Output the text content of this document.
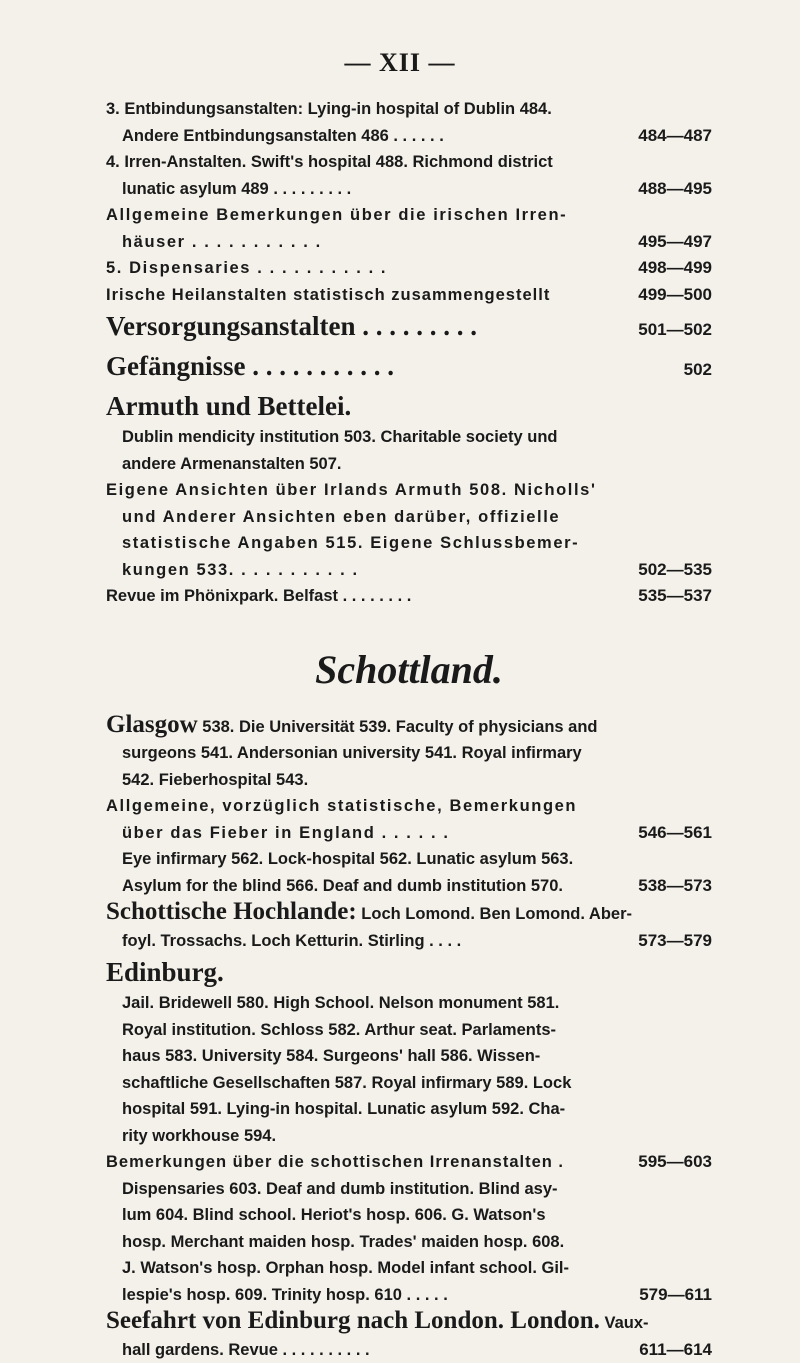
— XII —
3. Entbindungsanstalten: Lying-in hospital of Dublin 484.
Andere Entbindungsanstalten 486 . . . . . .	484—487
4. Irren-Anstalten. Swift's hospital 488. Richmond district
lunatic asylum 489 . . . . . . . . .	488—495
Allgemeine Bemerkungen über die irischen Irren-
häuser . . . . . . . . . . .	495—497
5. Dispensaries . . . . . . . . . . .	498—499
Irische Heilanstalten statistisch zusammengestellt	499—500
Versorgungsanstalten . . . . . . . . .	501—502
Gefängnisse . . . . . . . . . . .	502
Armuth und Bettelei.
Dublin mendicity institution 503. Charitable society und
andere Armenanstalten 507.
Eigene Ansichten über Irlands Armuth 508. Nicholls'
und Anderer Ansichten eben darüber, offizielle
statistische Angaben 515. Eigene Schlussbemer-
kungen 533. . . . . . . . . . .	502—535
Revue im Phönixpark. Belfast . . . . . . . .	535—537
Schottland.
Glasgow 538. Die Universität 539. Faculty of physicians and
surgeons 541. Andersonian university 541. Royal infirmary
542. Fieberhospital 543.
Allgemeine, vorzüglich statistische, Bemerkungen
über das Fieber in England . . . . . .	546—561
Eye infirmary 562. Lock-hospital 562. Lunatic asylum 563.
Asylum for the blind 566. Deaf and dumb institution 570.	538—573
Schottische Hochlande: Loch Lomond. Ben Lomond. Aber-
foyl. Trossachs. Loch Ketturin. Stirling . . . .	573—579
Edinburg.
Jail. Bridewell 580. High School. Nelson monument 581.
Royal institution. Schloss 582. Arthur seat. Parlaments-
haus 583. University 584. Surgeons' hall 586. Wissen-
schaftliche Gesellschaften 587. Royal infirmary 589. Lock
hospital 591. Lying-in hospital. Lunatic asylum 592. Cha-
rity workhouse 594.
Bemerkungen über die schottischen Irrenanstalten .	595—603
Dispensaries 603. Deaf and dumb institution. Blind asy-
lum 604. Blind school. Heriot's hosp. 606. G. Watson's
hosp. Merchant maiden hosp. Trades' maiden hosp. 608.
J. Watson's hosp. Orphan hosp. Model infant school. Gil-
lespie's hosp. 609. Trinity hosp. 610 . . . . .	579—611
Seefahrt von Edinburg nach London. London. Vaux-
hall gardens. Revue . . . . . . . . . .	611—614
